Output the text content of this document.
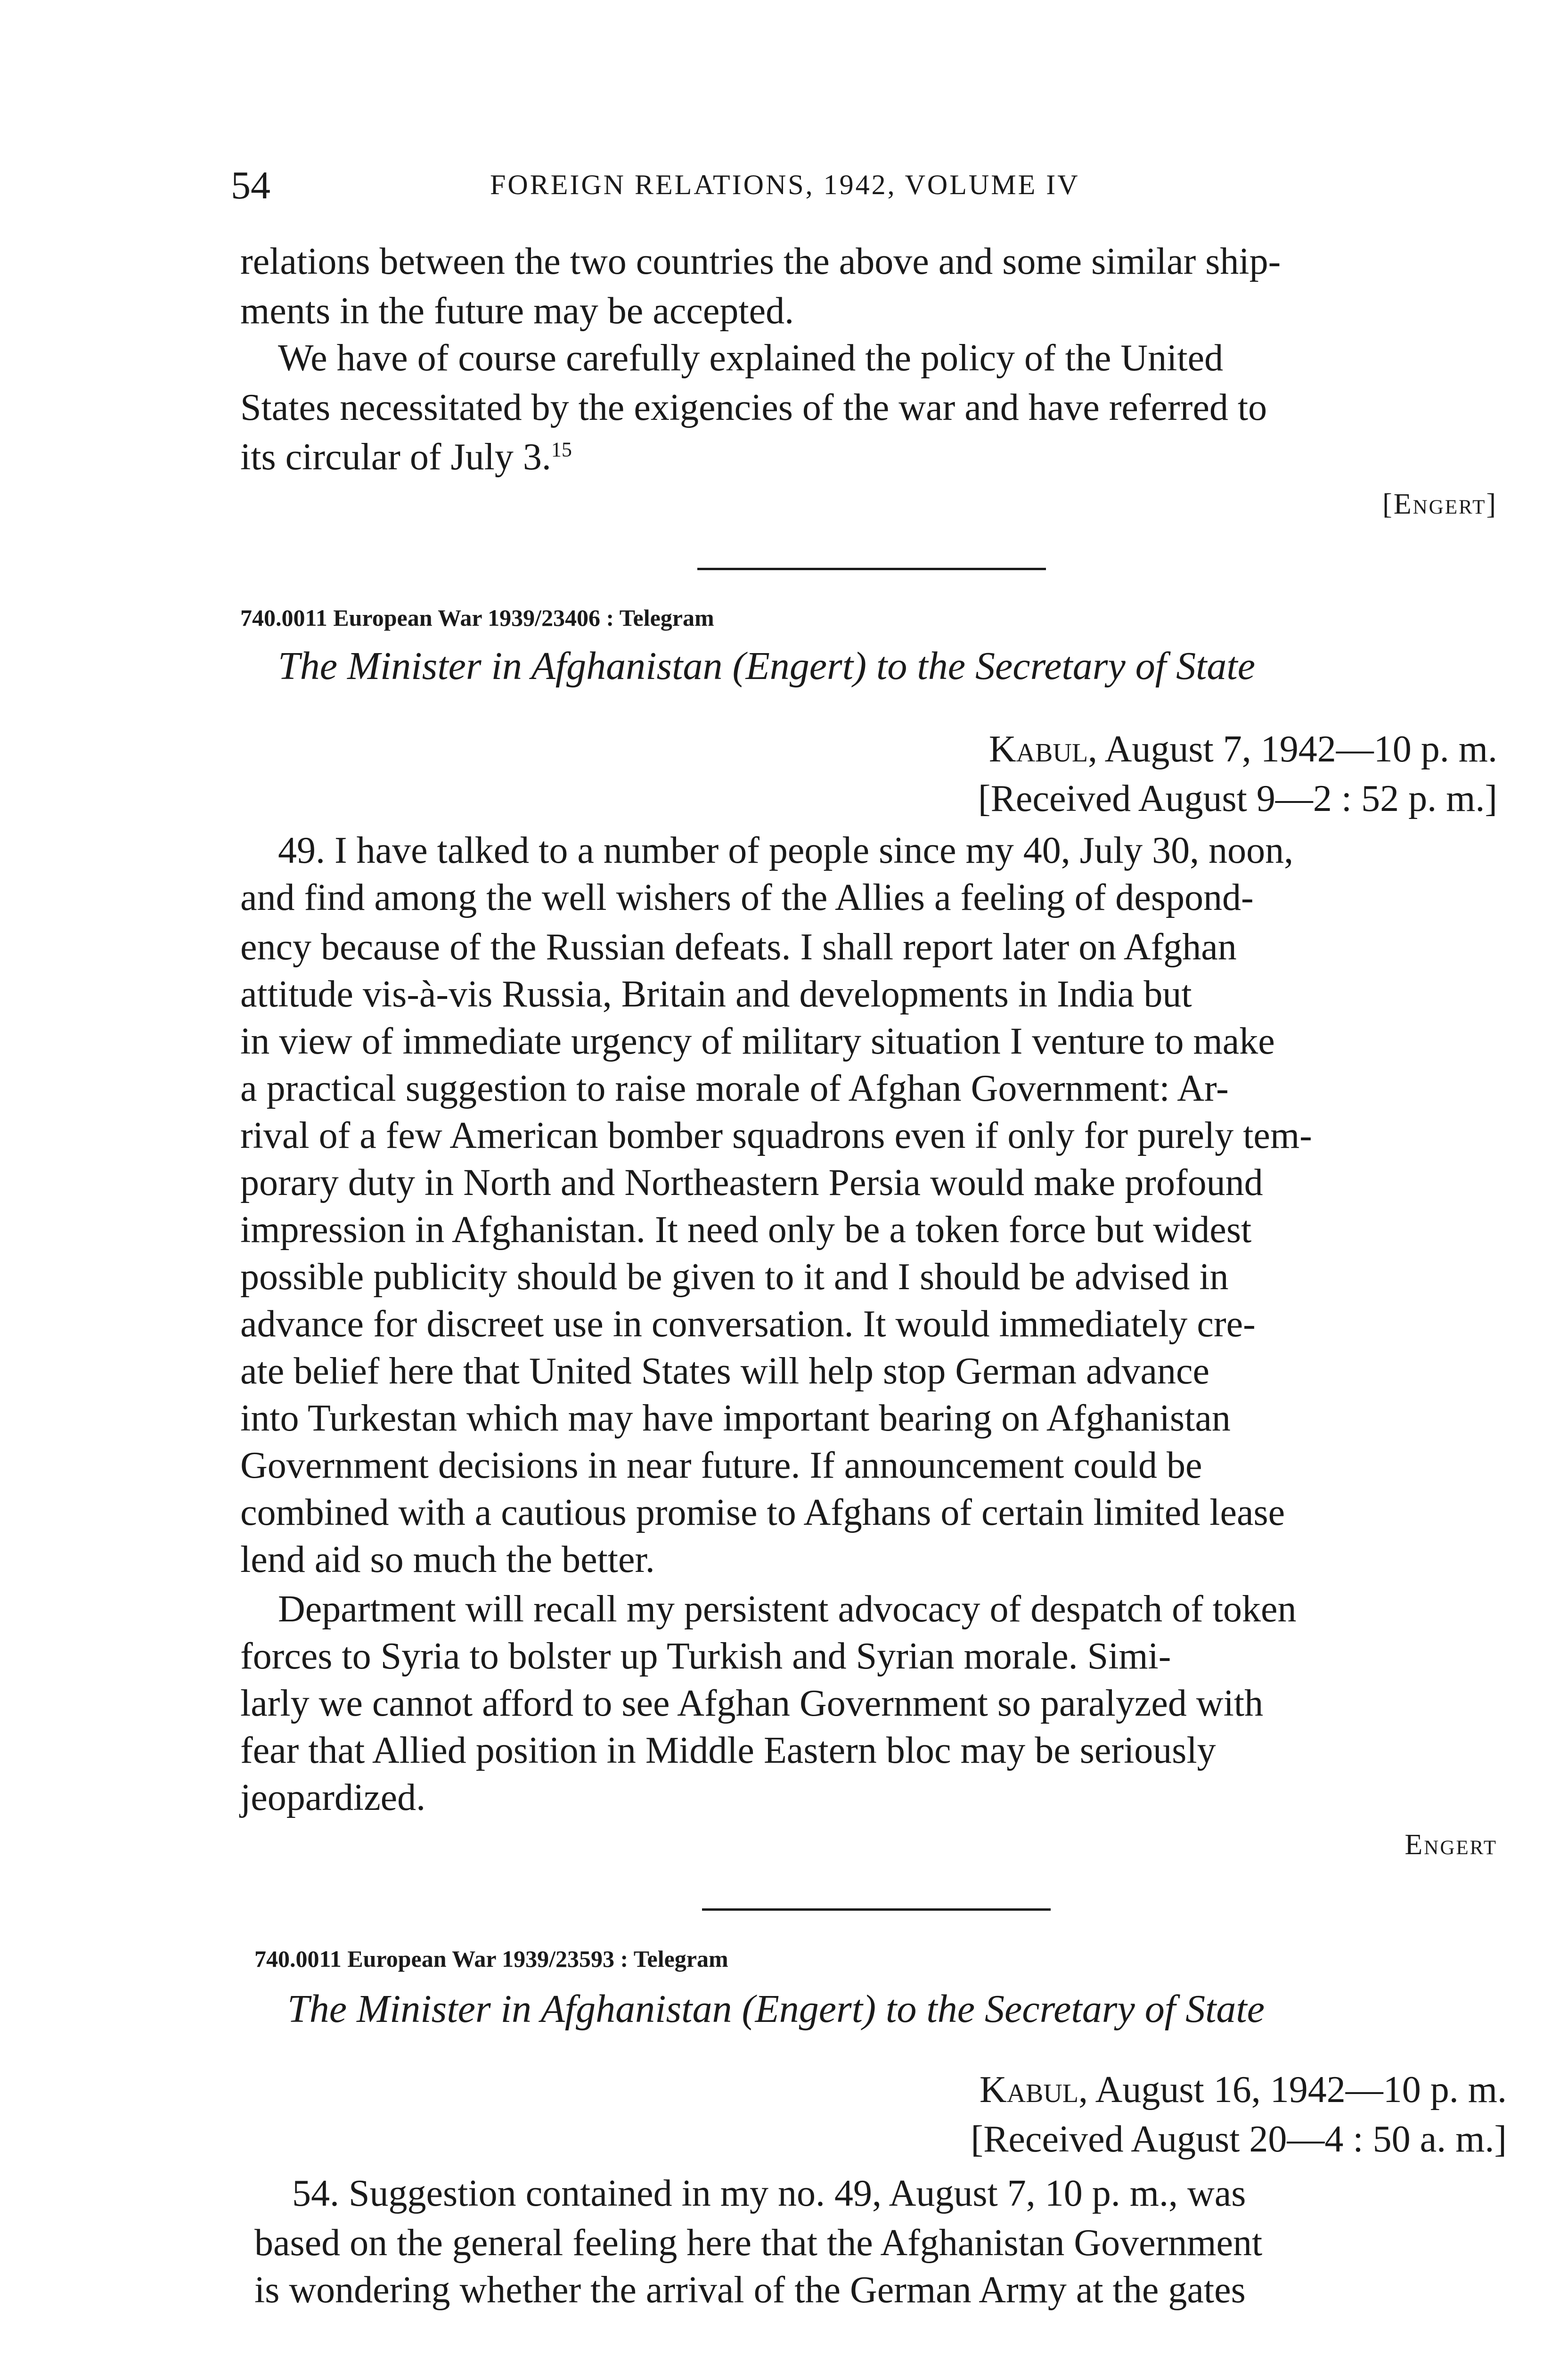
54	FOREIGN RELATIONS, 1942, VOLUME IV
relations between the two countries the above and some similar ship-
ments in the future may be accepted.
We have of course carefully explained the policy of the United
States necessitated by the exigencies of the war and have referred to
its circular of July 3.15
[Engert]
740.0011 European War 1939/23406 : Telegram
The Minister in Afghanistan (Engert) to the Secretary of State
Kabul, August 7, 1942—10 p. m.
[Received August 9—2 : 52 p. m.]
49. I have talked to a number of people since my 40, July 30, noon,
and find among the well wishers of the Allies a feeling of despond-
ency because of the Russian defeats. I shall report later on Afghan
attitude vis-à-vis Russia, Britain and developments in India but
in view of immediate urgency of military situation I venture to make
a practical suggestion to raise morale of Afghan Government: Ar-
rival of a few American bomber squadrons even if only for purely tem-
porary duty in North and Northeastern Persia would make profound
impression in Afghanistan. It need only be a token force but widest
possible publicity should be given to it and I should be advised in
advance for discreet use in conversation. It would immediately cre-
ate belief here that United States will help stop German advance
into Turkestan which may have important bearing on Afghanistan
Government decisions in near future. If announcement could be
combined with a cautious promise to Afghans of certain limited lease
lend aid so much the better.
Department will recall my persistent advocacy of despatch of token
forces to Syria to bolster up Turkish and Syrian morale. Simi-
larly we cannot afford to see Afghan Government so paralyzed with
fear that Allied position in Middle Eastern bloc may be seriously
jeopardized.
Engert
740.0011 European War 1939/23593 : Telegram
The Minister in Afghanistan (Engert) to the Secretary of State
Kabul, August 16, 1942—10 p. m.
[Received August 20—4 : 50 a. m.]
54. Suggestion contained in my no. 49, August 7, 10 p. m., was
based on the general feeling here that the Afghanistan Government
is wondering whether the arrival of the German Army at the gates
